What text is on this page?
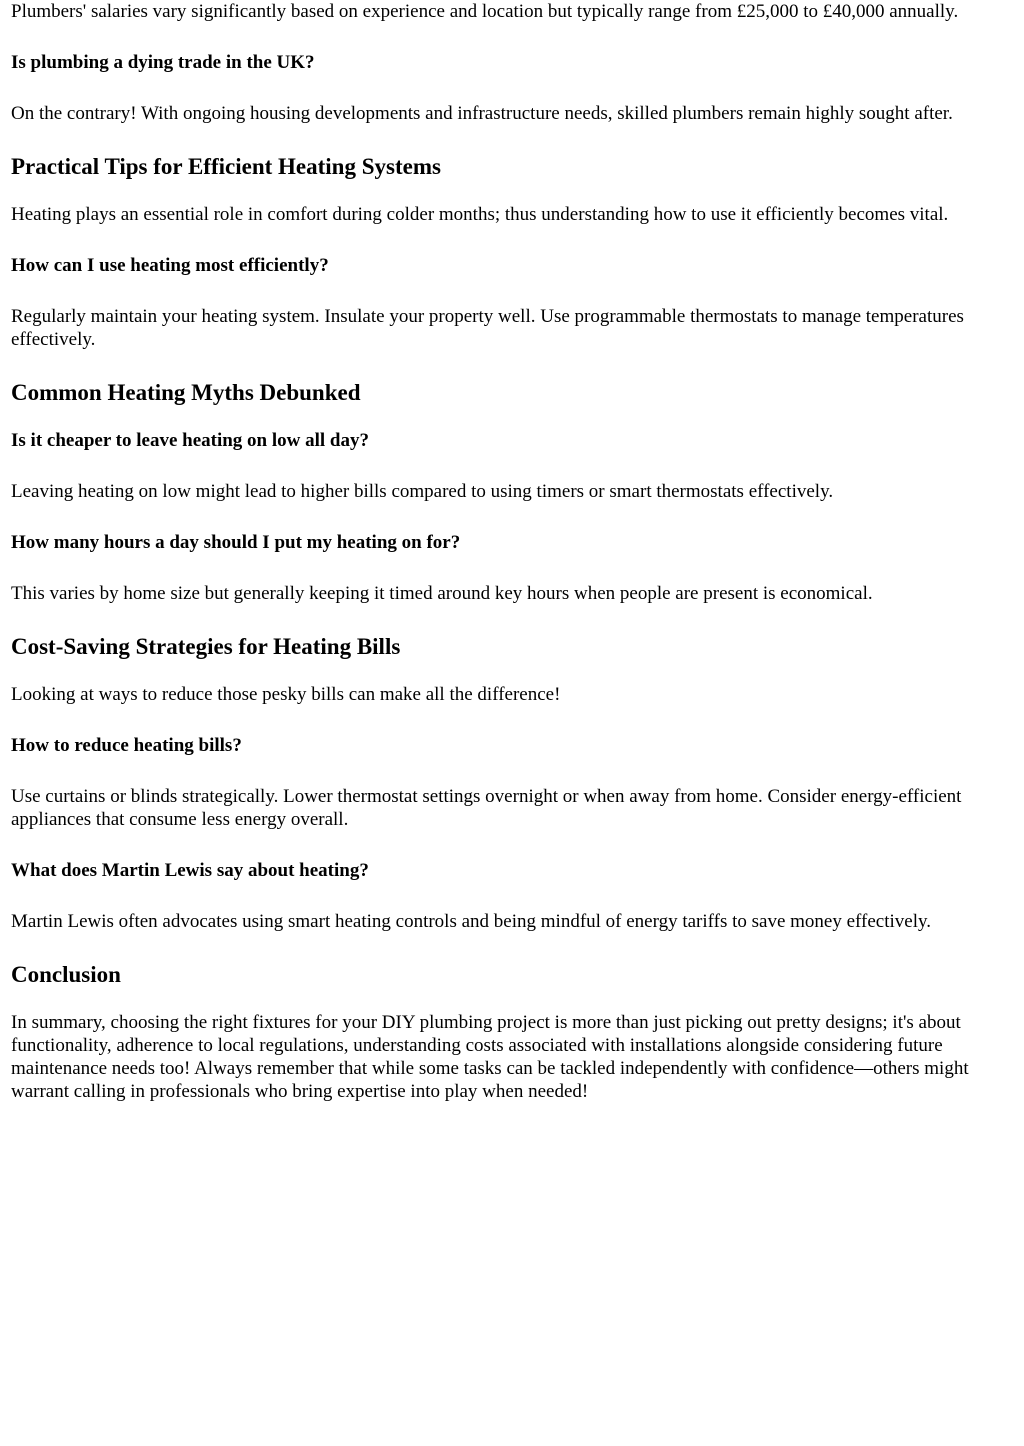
Plumbers' salaries vary significantly based on experience and location but typically range from £25,000 to £40,000 annually.

Is plumbing a dying trade in the UK?

On the contrary! With ongoing housing developments and infrastructure needs, skilled plumbers remain highly sought after.

Practical Tips for Efficient Heating Systems

Heating plays an essential role in comfort during colder months; thus understanding how to use it efficiently becomes vital.

How can I use heating most efficiently?

Regularly maintain your heating system. Insulate your property well. Use programmable thermostats to manage temperatures effectively.

Common Heating Myths Debunked
Is it cheaper to leave heating on low all day?

Leaving heating on low might lead to higher bills compared to using timers or smart thermostats effectively.

How many hours a day should I put my heating on for?

This varies by home size but generally keeping it timed around key hours when people are present is economical.

Cost-Saving Strategies for Heating Bills

Looking at ways to reduce those pesky bills can make all the difference!

How to reduce heating bills?

Use curtains or blinds strategically. Lower thermostat settings overnight or when away from home. Consider energy-efficient appliances that consume less energy overall.

What does Martin Lewis say about heating?

Martin Lewis often advocates using smart heating controls and being mindful of energy tariffs to save money effectively.

Conclusion

In summary, choosing the right fixtures for your DIY plumbing project is more than just picking out pretty designs; it's about functionality, adherence to local regulations, understanding costs associated with installations alongside considering future maintenance needs too! Always remember that while some tasks can be tackled independently with confidence—others might warrant calling in professionals who bring expertise into play when needed!
